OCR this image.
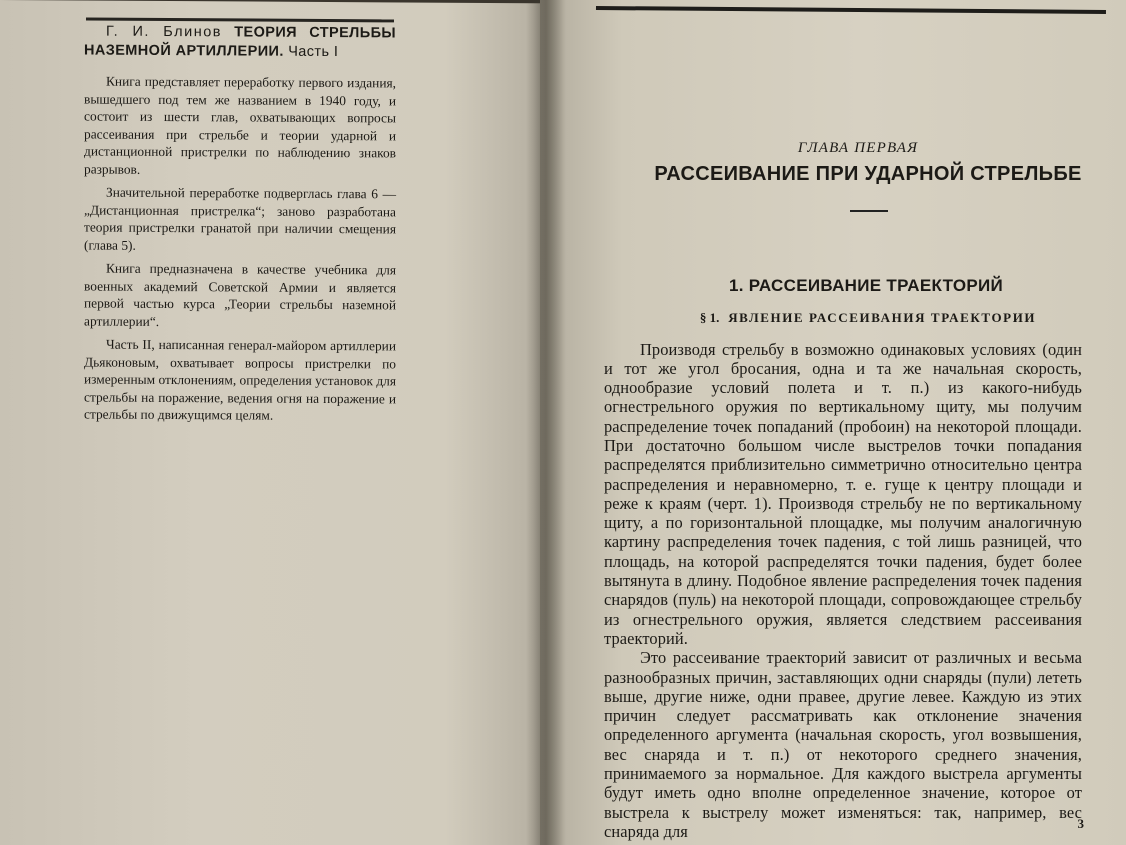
Г. И. Блинов ТЕОРИЯ СТРЕЛЬБЫ НАЗЕМНОЙ АРТИЛЛЕРИИ. Часть I

Книга представляет переработку первого издания, вышедшего под тем же названием в 1940 году, и состоит из шести глав, охватывающих вопросы рассеивания при стрельбе и теории ударной и дистанционной пристрелки по наблюдению знаков разрывов.

Значительной переработке подверглась глава 6 — „Дистанционная пристрелка“; заново разработана теория пристрелки гранатой при наличии смещения (глава 5).

Книга предназначена в качестве учебника для военных академий Советской Армии и является первой частью курса „Теории стрельбы наземной артиллерии“.

Часть II, написанная генерал-майором артиллерии Дьяконовым, охватывает вопросы пристрелки по измеренным отклонениям, определения установок для стрельбы на поражение, ведения огня на поражение и стрельбы по движущимся целям.

ГЛАВА ПЕРВАЯ

РАССЕИВАНИЕ ПРИ УДАРНОЙ СТРЕЛЬБЕ
1. РАССЕИВАНИЕ ТРАЕКТОРИЙ

§ 1. ЯВЛЕНИЕ РАССЕИВАНИЯ ТРАЕКТОРИИ

Производя стрельбу в возможно одинаковых условиях (один и тот же угол бросания, одна и та же начальная скорость, однообразие условий полета и т. п.) из какого-нибудь огнестрельного оружия по вертикальному щиту, мы получим распределение точек попаданий (пробоин) на некоторой площади. При достаточно большом числе выстрелов точки попадания распределятся приблизительно симметрично относительно центра распределения и неравномерно, т. е. гуще к центру площади и реже к краям (черт. 1). Производя стрельбу не по вертикальному щиту, а по горизонтальной площадке, мы получим аналогичную картину распределения точек падения, с той лишь разницей, что площадь, на которой распределятся точки падения, будет более вытянута в длину. Подобное явление распределения точек падения снарядов (пуль) на некоторой площади, сопровождающее стрельбу из огнестрельного оружия, является следствием рассеивания траекторий.

Это рассеивание траекторий зависит от различных и весьма разнообразных причин, заставляющих одни снаряды (пули) лететь выше, другие ниже, одни правее, другие левее. Каждую из этих причин следует рассматривать как отклонение значения определенного аргумента (начальная скорость, угол возвышения, вес снаряда и т. п.) от некоторого среднего значения, принимаемого за нормальное. Для каждого выстрела аргументы будут иметь одно вполне определенное значение, которое от выстрела к выстрелу может изменяться: так, например, вес снаряда для	3
